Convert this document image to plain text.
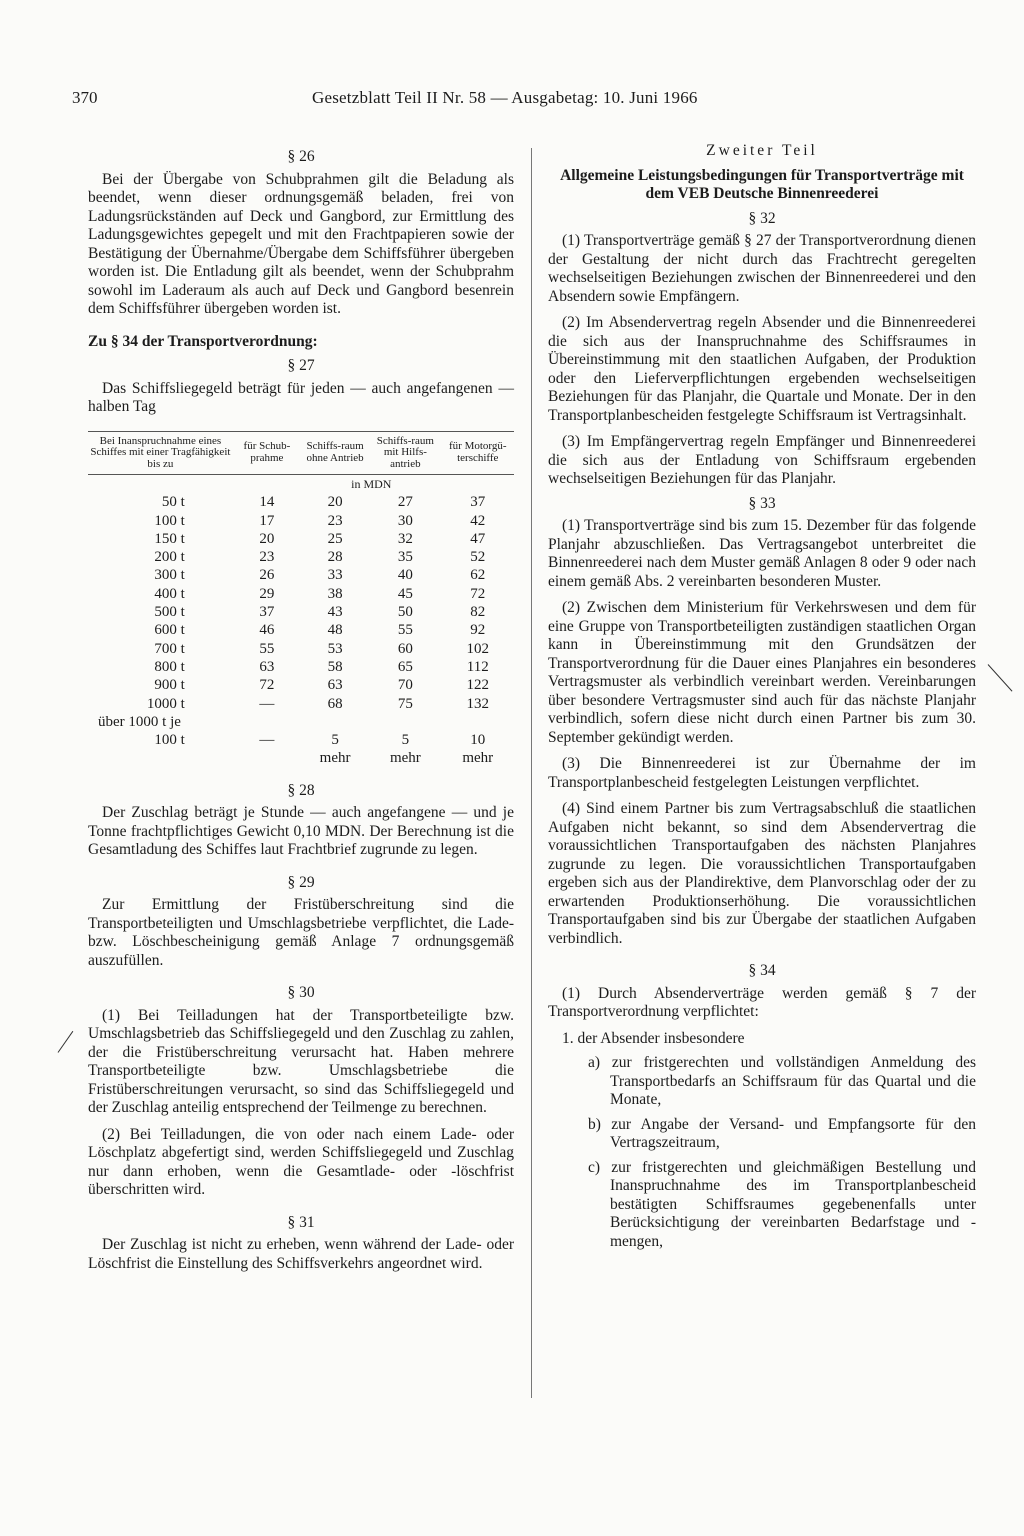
370	Gesetzblatt Teil II Nr. 58 — Ausgabetag: 10. Juni 1966

§ 26

Bei der Übergabe von Schubprahmen gilt die Beladung als beendet, wenn dieser ordnungsgemäß beladen, frei von Ladungsrückständen auf Deck und Gangbord, zur Ermittlung des Ladungsgewichtes gepegelt und mit den Frachtpapieren sowie der Bestätigung der Übernahme/Übergabe dem Schiffsführer übergeben worden ist. Die Entladung gilt als beendet, wenn der Schubprahm sowohl im Laderaum als auch auf Deck und Gangbord besenrein dem Schiffsführer übergeben worden ist.

Zu § 34 der Transportverordnung:

§ 27

Das Schiffsliegegeld beträgt für jeden — auch angefangenen — halben Tag

Bei Inanspruchnahme eines Schiffes mit einer Tragfähigkeit bis zu	für Schub-prahme	Schiffs-raum ohne Antrieb	Schiffs-raum mit Hilfs-antrieb	für Motorgü-terschiffe
		in MDN		
50 t	14	20	27	37
100 t	17	23	30	42
150 t	20	25	32	47
200 t	23	28	35	52
300 t	26	33	40	62
400 t	29	38	45	72
500 t	37	43	50	82
600 t	46	48	55	92
700 t	55	53	60	102
800 t	63	58	65	112
900 t	72	63	70	122
1000 t	—	68	75	132
über 1000 t je				
100 t	—	5	5	10
		mehr	mehr	mehr

§ 28

Der Zuschlag beträgt je Stunde — auch angefangene — und je Tonne frachtpflichtiges Gewicht 0,10 MDN. Der Berechnung ist die Gesamtladung des Schiffes laut Frachtbrief zugrunde zu legen.

§ 29

Zur Ermittlung der Fristüberschreitung sind die Transportbeteiligten und Umschlagsbetriebe verpflichtet, die Lade- bzw. Löschbescheinigung gemäß Anlage 7 ordnungsgemäß auszufüllen.

§ 30

(1) Bei Teilladungen hat der Transportbeteiligte bzw. Umschlagsbetrieb das Schiffsliegegeld und den Zuschlag zu zahlen, der die Fristüberschreitung verursacht hat. Haben mehrere Transportbeteiligte bzw. Umschlagsbetriebe die Fristüberschreitungen verursacht, so sind das Schiffsliegegeld und der Zuschlag anteilig entsprechend der Teilmenge zu berechnen.

(2) Bei Teilladungen, die von oder nach einem Lade- oder Löschplatz abgefertigt sind, werden Schiffsliegegeld und Zuschlag nur dann erhoben, wenn die Gesamtlade- oder -löschfrist überschritten wird.

§ 31

Der Zuschlag ist nicht zu erheben, wenn während der Lade- oder Löschfrist die Einstellung des Schiffsverkehrs angeordnet wird.

Zweiter Teil

Allgemeine Leistungsbedingungen für Transportverträge mit dem VEB Deutsche Binnenreederei

§ 32

(1) Transportverträge gemäß § 27 der Transportverordnung dienen der Gestaltung der nicht durch das Frachtrecht geregelten wechselseitigen Beziehungen zwischen der Binnenreederei und den Absendern sowie Empfängern.

(2) Im Absendervertrag regeln Absender und die Binnenreederei die sich aus der Inanspruchnahme des Schiffsraumes in Übereinstimmung mit den staatlichen Aufgaben, der Produktion oder den Lieferverpflichtungen ergebenden wechselseitigen Beziehungen für das Planjahr, die Quartale und Monate. Der in den Transportplanbescheiden festgelegte Schiffsraum ist Vertragsinhalt.

(3) Im Empfängervertrag regeln Empfänger und Binnenreederei die sich aus der Entladung von Schiffsraum ergebenden wechselseitigen Beziehungen für das Planjahr.

§ 33

(1) Transportverträge sind bis zum 15. Dezember für das folgende Planjahr abzuschließen. Das Vertragsangebot unterbreitet die Binnenreederei nach dem Muster gemäß Anlagen 8 oder 9 oder nach einem gemäß Abs. 2 vereinbarten besonderen Muster.

(2) Zwischen dem Ministerium für Verkehrswesen und dem für eine Gruppe von Transportbeteiligten zuständigen staatlichen Organ kann in Übereinstimmung mit den Grundsätzen der Transportverordnung für die Dauer eines Planjahres ein besonderes Vertragsmuster als verbindlich vereinbart werden. Vereinbarungen über besondere Vertragsmuster sind auch für das nächste Planjahr verbindlich, sofern diese nicht durch einen Partner bis zum 30. September gekündigt werden.

(3) Die Binnenreederei ist zur Übernahme der im Transportplanbescheid festgelegten Leistungen verpflichtet.

(4) Sind einem Partner bis zum Vertragsabschluß die staatlichen Aufgaben nicht bekannt, so sind dem Absendervertrag die voraussichtlichen Transportaufgaben des nächsten Planjahres zugrunde zu legen. Die voraussichtlichen Transportaufgaben ergeben sich aus der Plandirektive, dem Planvorschlag oder der zu erwartenden Produktionserhöhung. Die voraussichtlichen Transportaufgaben sind bis zur Übergabe der staatlichen Aufgaben verbindlich.

§ 34

(1) Durch Absenderverträge werden gemäß § 7 der Transportverordnung verpflichtet:

1. der Absender insbesondere

a) zur fristgerechten und vollständigen Anmeldung des Transportbedarfs an Schiffsraum für das Quartal und die Monate,

b) zur Angabe der Versand- und Empfangsorte für den Vertragszeitraum,

c) zur fristgerechten und gleichmäßigen Bestellung und Inanspruchnahme des im Transportplanbescheid bestätigten Schiffsraumes gegebenenfalls unter Berücksichtigung der vereinbarten Bedarfstage und -mengen,
